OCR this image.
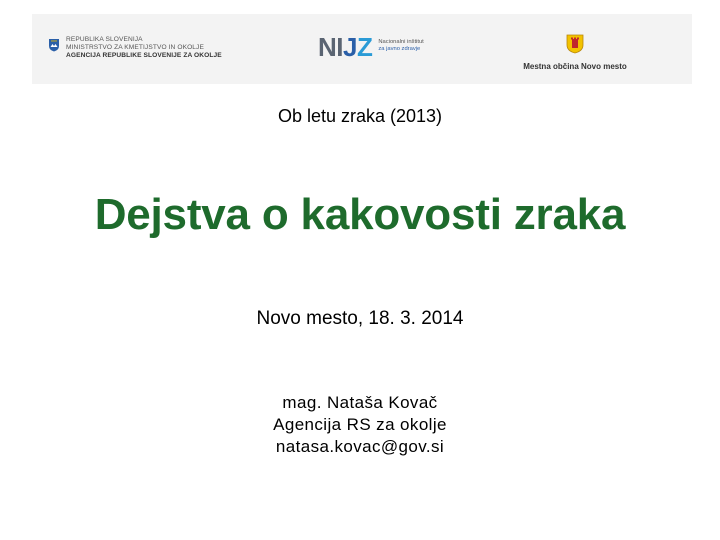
REPUBLIKA SLOVENIJA
MINISTRSTVO ZA KMETIJSTVO IN OKOLJE
AGENCIJA REPUBLIKE SLOVENIJE ZA OKOLJE	NIJZ Nacionalni inštitut
za javno zdravje
Mestna občina Novo mesto
Ob letu zraka (2013)
Dejstva o kakovosti zraka
Novo mesto, 18. 3. 2014
mag. Nataša Kovač
Agencija RS za okolje
natasa.kovac@gov.si
